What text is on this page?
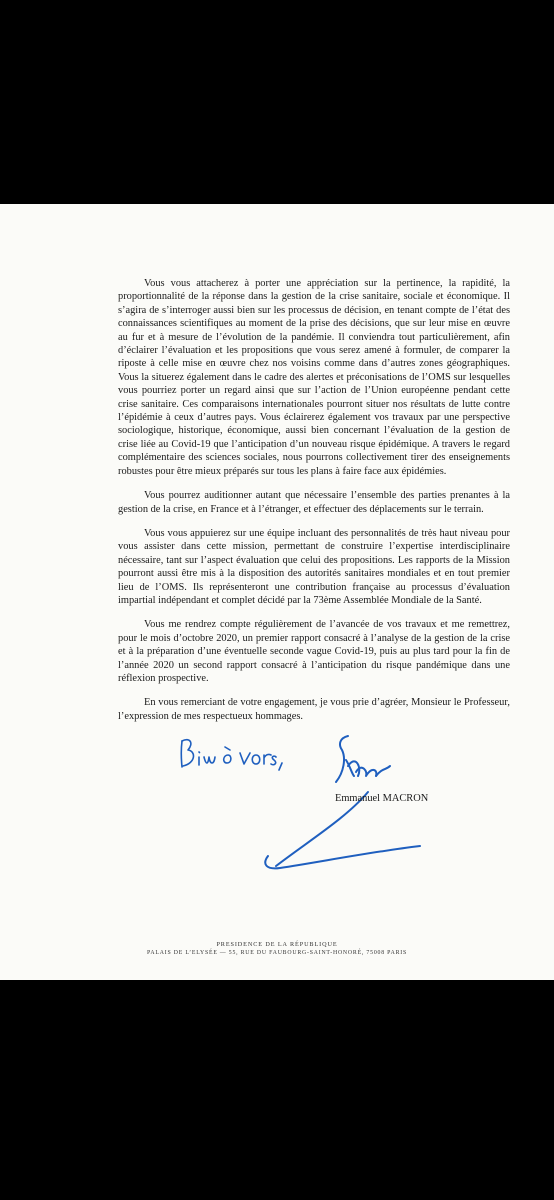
Vous vous attacherez à porter une appréciation sur la pertinence, la rapidité, la proportionnalité de la réponse dans la gestion de la crise sanitaire, sociale et économique. Il s’agira de s’interroger aussi bien sur les processus de décision, en tenant compte de l’état des connaissances scientifiques au moment de la prise des décisions, que sur leur mise en œuvre au fur et à mesure de l’évolution de la pandémie. Il conviendra tout particulièrement, afin d’éclairer l’évaluation et les propositions que vous serez amené à formuler, de comparer la riposte à celle mise en œuvre chez nos voisins comme dans d’autres zones géographiques. Vous la situerez également dans le cadre des alertes et préconisations de l’OMS sur lesquelles vous pourriez porter un regard ainsi que sur l’action de l’Union européenne pendant cette crise sanitaire. Ces comparaisons internationales pourront situer nos résultats de lutte contre l’épidémie à ceux d’autres pays. Vous éclairerez également vos travaux par une perspective sociologique, historique, économique, aussi bien concernant l’évaluation de la gestion de crise liée au Covid-19 que l’anticipation d’un nouveau risque épidémique. A travers le regard complémentaire des sciences sociales, nous pourrons collectivement tirer des enseignements robustes pour être mieux préparés sur tous les plans à faire face aux épidémies.

Vous pourrez auditionner autant que nécessaire l’ensemble des parties prenantes à la gestion de la crise, en France et à l’étranger, et effectuer des déplacements sur le terrain.

Vous vous appuierez sur une équipe incluant des personnalités de très haut niveau pour vous assister dans cette mission, permettant de construire l’expertise interdisciplinaire nécessaire, tant sur l’aspect évaluation que celui des propositions. Les rapports de la Mission pourront aussi être mis à la disposition des autorités sanitaires mondiales et en tout premier lieu de l’OMS. Ils représenteront une contribution française au processus d’évaluation impartial indépendant et complet décidé par la 73ème Assemblée Mondiale de la Santé.

Vous me rendrez compte régulièrement de l’avancée de vos travaux et me remettrez, pour le mois d’octobre 2020, un premier rapport consacré à l’analyse de la gestion de la crise et à la préparation d’une éventuelle seconde vague Covid-19, puis au plus tard pour la fin de l’année 2020 un second rapport consacré à l’anticipation du risque pandémique dans une réflexion prospective.

En vous remerciant de votre engagement, je vous prie d’agréer, Monsieur le Professeur, l’expression de mes respectueux hommages.

Emmanuel MACRON
PRESIDENCE DE LA RÉPUBLIQUE
PALAIS DE L’ELYSÉE — 55, RUE DU FAUBOURG-SAINT-HONORÉ, 75008 PARIS
